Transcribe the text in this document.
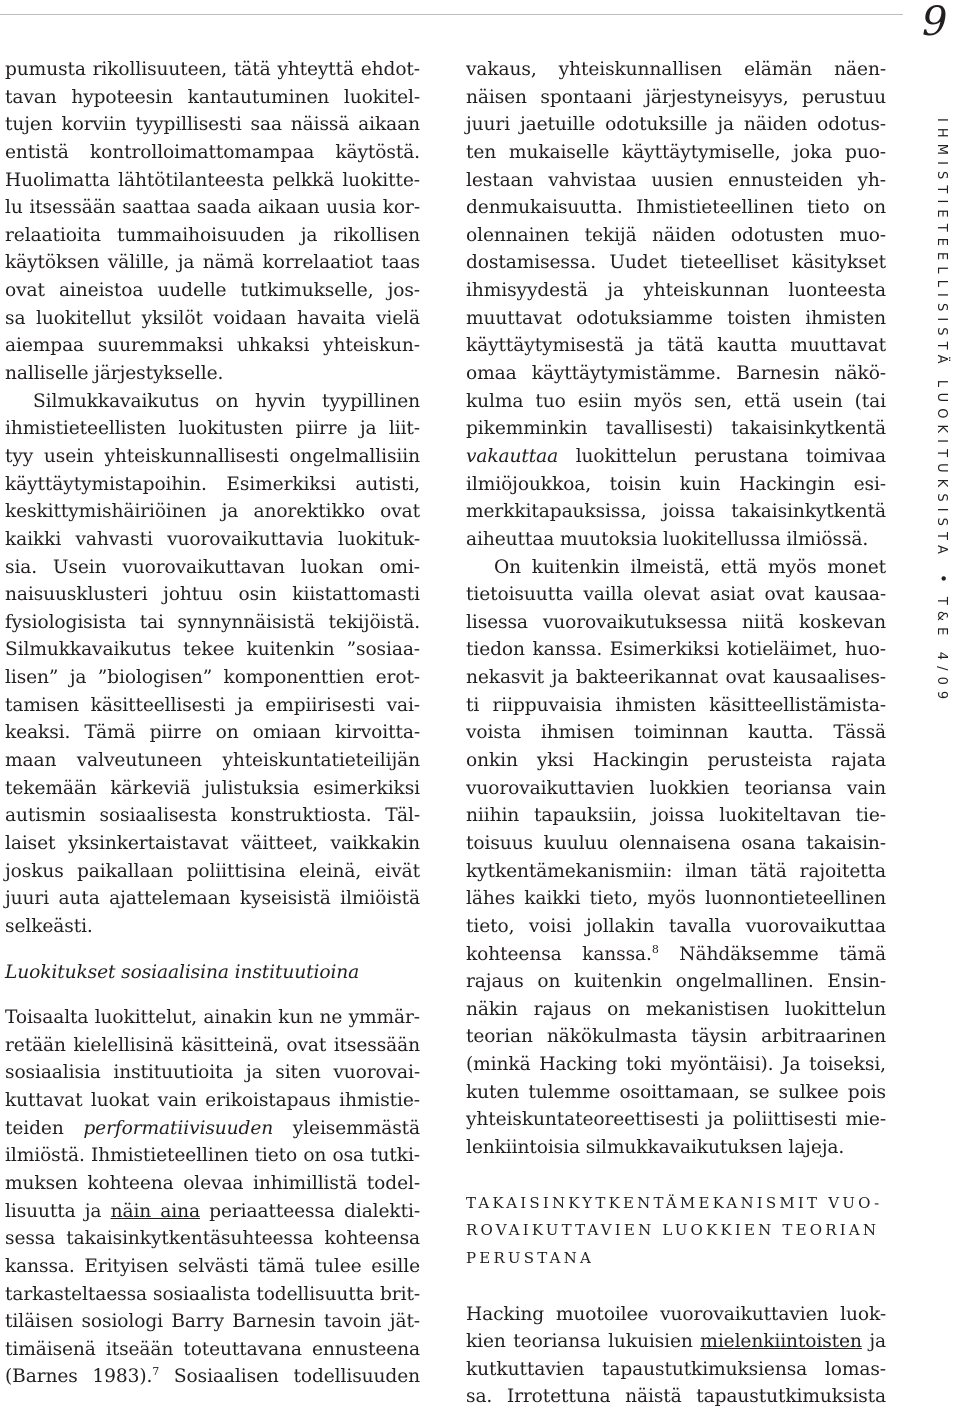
9
IHMISTIETEELLISISTÄ LUOKITUKSISTA•T&E 4/09
pumusta rikollisuuteen, tätä yhteyttä ehdot-
tavan hypoteesin kantautuminen luokitel-
tujen korviin tyypillisesti saa näissä aikaan
entistä kontrolloimattomampaa käytöstä.
Huolimatta lähtötilanteesta pelkkä luokitte-
lu itsessään saattaa saada aikaan uusia kor-
relaatioita tummaihoisuuden ja rikollisen
käytöksen välille, ja nämä korrelaatiot taas
ovat aineistoa uudelle tutkimukselle, jos-
sa luokitellut yksilöt voidaan havaita vielä
aiempaa suuremmaksi uhkaksi yhteiskun-
nalliselle järjestykselle.
Silmukkavaikutus on hyvin tyypillinen
ihmistieteellisten luokitusten piirre ja liit-
tyy usein yhteiskunnallisesti ongelmallisiin
käyttäytymistapoihin. Esimerkiksi autisti,
keskittymishäiriöinen ja anorektikko ovat
kaikki vahvasti vuorovaikuttavia luokituk-
sia. Usein vuorovaikuttavan luokan omi-
naisuusklusteri johtuu osin kiistattomasti
fysiologisista tai synnynnäisistä tekijöistä.
Silmukkavaikutus tekee kuitenkin ”sosiaa-
lisen” ja ”biologisen” komponenttien erot-
tamisen käsitteellisesti ja empiirisesti vai-
keaksi. Tämä piirre on omiaan kirvoitta-
maan valveutuneen yhteiskuntatieteilijän
tekemään kärkeviä julistuksia esimerkiksi
autismin sosiaalisesta konstruktiosta. Täl-
laiset yksinkertaistavat väitteet, vaikkakin
joskus paikallaan poliittisina eleinä, eivät
juuri auta ajattelemaan kyseisistä ilmiöistä
selkeästi.
Luokitukset sosiaalisina instituutioina
Toisaalta luokittelut, ainakin kun ne ymmär-
retään kielellisinä käsitteinä, ovat itsessään
sosiaalisia instituutioita ja siten vuorovai-
kuttavat luokat vain erikoistapaus ihmistie-
teiden performatiivisuuden yleisemmästä
ilmiöstä. Ihmistieteellinen tieto on osa tutki-
muksen kohteena olevaa inhimillistä todel-
lisuutta ja näin aina periaatteessa dialekti-
sessa takaisinkytkentäsuhteessa kohteensa
kanssa. Erityisen selvästi tämä tulee esille
tarkasteltaessa sosiaalista todellisuutta brit-
tiläisen sosiologi Barry Barnesin tavoin jät-
timäisenä itseään toteuttavana ennusteena
(Barnes 1983).$^7$ Sosiaalisen todellisuuden
vakaus, yhteiskunnallisen elämän näen-
näisen spontaani järjestyneisyys, perustuu
juuri jaetuille odotuksille ja näiden odotus-
ten mukaiselle käyttäytymiselle, joka puo-
lestaan vahvistaa uusien ennusteiden yh-
denmukaisuutta. Ihmistieteellinen tieto on
olennainen tekijä näiden odotusten muo-
dostamisessa. Uudet tieteelliset käsitykset
ihmisyydestä ja yhteiskunnan luonteesta
muuttavat odotuksiamme toisten ihmisten
käyttäytymisestä ja tätä kautta muuttavat
omaa käyttäytymistämme. Barnesin näkö-
kulma tuo esiin myös sen, että usein (tai
pikemminkin tavallisesti) takaisinkytkentä
vakauttaa luokittelun perustana toimivaa
ilmiöjoukkoa, toisin kuin Hackingin esi-
merkkitapauksissa, joissa takaisinkytkentä
aiheuttaa muutoksia luokitellussa ilmiössä.
On kuitenkin ilmeistä, että myös monet
tietoisuutta vailla olevat asiat ovat kausaa-
lisessa vuorovaikutuksessa niitä koskevan
tiedon kanssa. Esimerkiksi kotieläimet, huo-
nekasvit ja bakteerikannat ovat kausaalises-
ti riippuvaisia ihmisten käsitteellistämista-
voista ihmisen toiminnan kautta. Tässä
onkin yksi Hackingin perusteista rajata
vuorovaikuttavien luokkien teoriansa vain
niihin tapauksiin, joissa luokiteltavan tie-
toisuus kuuluu olennaisena osana takaisin-
kytkentämekanismiin: ilman tätä rajoitetta
lähes kaikki tieto, myös luonnontieteellinen
tieto, voisi jollakin tavalla vuorovaikuttaa
kohteensa kanssa.$^8$ Nähdäksemme tämä
rajaus on kuitenkin ongelmallinen. Ensin-
näkin rajaus on mekanistisen luokittelun
teorian näkökulmasta täysin arbitraarinen
(minkä Hacking toki myöntäisi). Ja toiseksi,
kuten tulemme osoittamaan, se sulkee pois
yhteiskuntateoreettisesti ja poliittisesti mie-
lenkiintoisia silmukkavaikutuksen lajeja.
TAKAISINKYTKENTÄMEKANISMIT VUO-
ROVAIKUTTAVIEN LUOKKIEN TEORIAN
PERUSTANA
Hacking muotoilee vuorovaikuttavien luok-
kien teoriansa lukuisien mielenkiintoisten ja
kutkuttavien tapaustutkimuksiensa lomas-
sa. Irrotettuna näistä tapaustutkimuksista
